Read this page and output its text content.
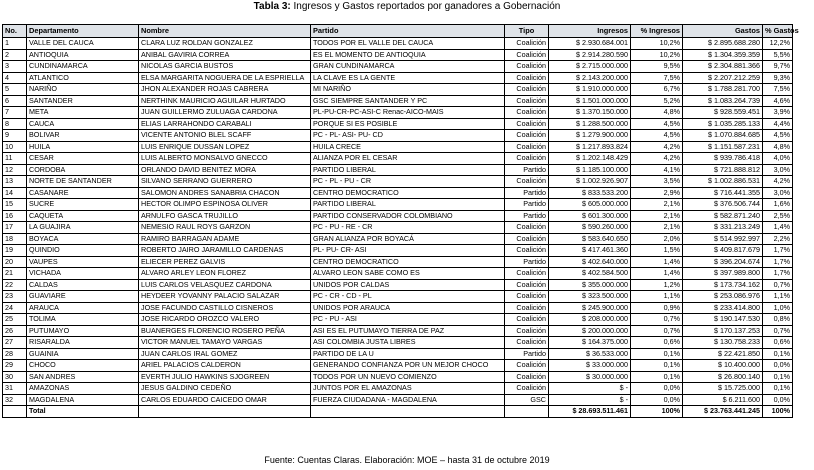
Tabla 3: Ingresos y Gastos reportados por ganadores a Gobernación
No.	Departamento	Nombre	Partido	Tipo	Ingresos	% Ingresos	Gastos	% Gastos
1	VALLE DEL CAUCA	CLARA LUZ ROLDAN GONZALEZ	TODOS POR EL VALLE DEL CAUCA	Coalición	$ 2.930.684.001	10,2%	$ 2.895.688.280	12,2%
2	ANTIOQUIA	ANIBAL GAVIRIA CORREA	ES EL MOMENTO DE ANTIOQUIA	Coalición	$ 2.914.280.590	10,2%	$ 1.304.359.359	5,5%
3	CUNDINAMARCA	NICOLAS GARCIA BUSTOS	GRAN CUNDINAMARCA	Coalición	$ 2.715.000.000	9,5%	$ 2.304.881.366	9,7%
4	ATLANTICO	ELSA MARGARITA NOGUERA DE LA ESPRIELLA	LA CLAVE ES LA GENTE	Coalición	$ 2.143.200.000	7,5%	$ 2.207.212.259	9,3%
5	NARIÑO	JHON ALEXANDER ROJAS CABRERA	MI NARIÑO	Coalición	$ 1.910.000.000	6,7%	$ 1.788.281.700	7,5%
6	SANTANDER	NERTHINK MAURICIO AGUILAR HURTADO	GSC SIEMPRE SANTANDER Y PC	Coalición	$ 1.501.000.000	5,2%	$ 1.083.264.739	4,6%
7	META	JUAN GUILLERMO ZULUAGA CARDONA	PL-PU-CR-PC-ASI-C Renac-AICO-MAIS	Coalición	$ 1.370.150.000	4,8%	$ 928.559.451	3,9%
8	CAUCA	ELIAS LARRAHONDO CARABALI	PORQUE SI ES POSIBLE	Coalición	$ 1.288.500.000	4,5%	$ 1.035.285.133	4,4%
9	BOLIVAR	VICENTE ANTONIO BLEL SCAFF	PC - PL- ASI- PU- CD	Coalición	$ 1.279.900.000	4,5%	$ 1.070.884.685	4,5%
10	HUILA	LUIS ENRIQUE DUSSAN LOPEZ	HUILA CRECE	Coalición	$ 1.217.893.824	4,2%	$ 1.151.587.231	4,8%
11	CESAR	LUIS ALBERTO MONSALVO GNECCO	ALIANZA POR EL CESAR	Coalición	$ 1.202.148.429	4,2%	$ 939.786.418	4,0%
12	CORDOBA	ORLANDO DAVID BENITEZ MORA	PARTIDO LIBERAL	Partido	$ 1.185.100.000	4,1%	$ 721.888.812	3,0%
13	NORTE DE SANTANDER	SILVANO SERRANO GUERRERO	PC - PL - PU - CR	Coalición	$ 1.002.926.907	3,5%	$ 1.002.886.531	4,2%
14	CASANARE	SALOMON ANDRES SANABRIA CHACON	CENTRO DEMOCRATICO	Partido	$ 833.533.200	2,9%	$ 716.441.355	3,0%
15	SUCRE	HECTOR OLIMPO ESPINOSA OLIVER	PARTIDO LIBERAL	Partido	$ 605.000.000	2,1%	$ 376.506.744	1,6%
16	CAQUETA	ARNULFO GASCA TRUJILLO	PARTIDO CONSERVADOR COLOMBIANO	Partido	$ 601.300.000	2,1%	$ 582.871.240	2,5%
17	LA GUAJIRA	NEMESIO RAUL ROYS GARZON	PC - PU - RE - CR	Coalición	$ 590.260.000	2,1%	$ 331.213.249	1,4%
18	BOYACA	RAMIRO BARRAGAN ADAME	GRAN ALIANZA POR BOYACÁ	Coalición	$ 583.640.650	2,0%	$ 514.992.997	2,2%
19	QUINDIO	ROBERTO JAIRO JARAMILLO CARDENAS	PL- PU- CR- ASI	Coalición	$ 417.461.360	1,5%	$ 409.817.679	1,7%
20	VAUPES	ELIECER PEREZ GALVIS	CENTRO DEMOCRATICO	Partido	$ 402.640.000	1,4%	$ 396.204.674	1,7%
21	VICHADA	ALVARO ARLEY LEON FLOREZ	ALVARO LEON SABE COMO ES	Coalición	$ 402.584.500	1,4%	$ 397.989.800	1,7%
22	CALDAS	LUIS CARLOS VELASQUEZ CARDONA	UNIDOS POR CALDAS	Coalición	$ 355.000.000	1,2%	$ 173.734.162	0,7%
23	GUAVIARE	HEYDEER YOVANNY PALACIO SALAZAR	PC - CR - CD - PL	Coalición	$ 323.500.000	1,1%	$ 253.086.976	1,1%
24	ARAUCA	JOSE FACUNDO CASTILLO CISNEROS	UNIDOS POR ARAUCA	Coalición	$ 245.900.000	0,9%	$ 233.414.800	1,0%
25	TOLIMA	JOSE RICARDO OROZCO VALERO	PC - PU - ASI	Coalición	$ 208.000.000	0,7%	$ 190.147.530	0,8%
26	PUTUMAYO	BUANERGES FLORENCIO ROSERO PEÑA	ASI ES EL PUTUMAYO TIERRA DE PAZ	Coalición	$ 200.000.000	0,7%	$ 170.137.253	0,7%
27	RISARALDA	VICTOR MANUEL TAMAYO VARGAS	ASI COLOMBIA JUSTA LIBRES	Coalición	$ 164.375.000	0,6%	$ 130.758.233	0,6%
28	GUAINIA	JUAN CARLOS IRAL GOMEZ	PARTIDO DE LA U	Partido	$ 36.533.000	0,1%	$ 22.421.850	0,1%
29	CHOCO	ARIEL PALACIOS CALDERON	GENERANDO CONFIANZA POR UN MEJOR CHOCO	Coalición	$ 33.000.000	0,1%	$ 10.400.000	0,0%
30	SAN ANDRES	EVERTH JULIO HAWKINS SJOGREEN	TODOS POR UN NUEVO COMIENZO	Coalición	$ 30.000.000	0,1%	$ 26.800.140	0,1%
31	AMAZONAS	JESUS GALDINO CEDEÑO	JUNTOS POR EL AMAZONAS	Coalición	$ -	0,0%	$ 15.725.000	0,1%
32	MAGDALENA	CARLOS EDUARDO CAICEDO OMAR	FUERZA CIUDADANA - MAGDALENA	GSC	$ -	0,0%	$ 6.211.600	0,0%
	Total				$ 28.693.511.461	100%	$ 23.763.441.245	100%
Fuente: Cuentas Claras. Elaboración: MOE – hasta 31 de octubre 2019
